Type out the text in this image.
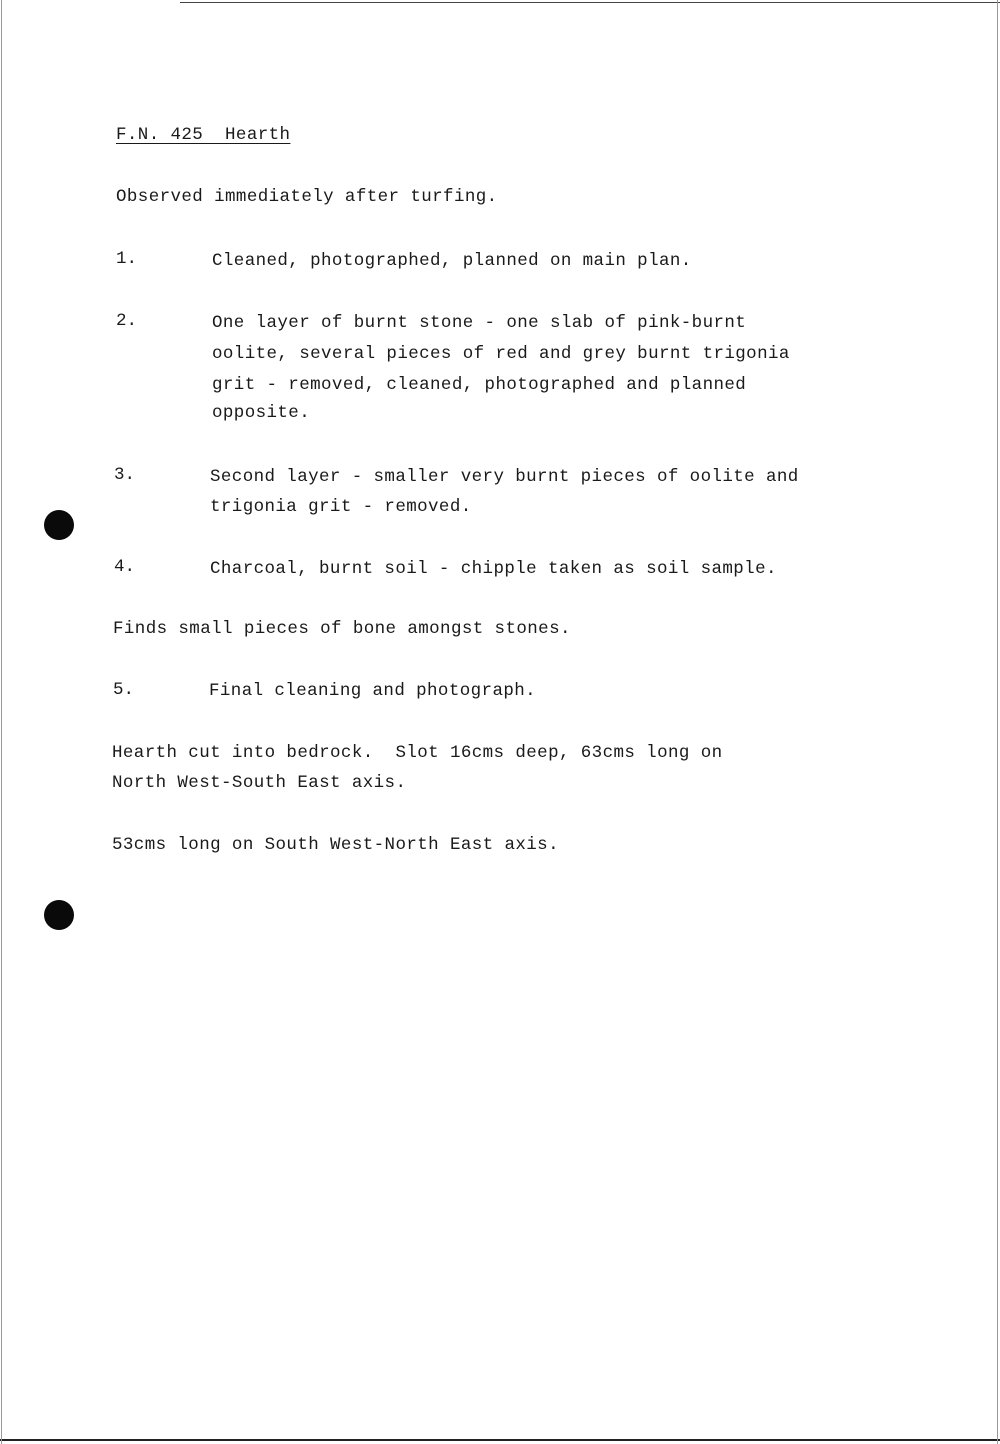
F.N. 425  Hearth
Observed immediately after turfing.
1.	Cleaned, photographed, planned on main plan.
2.	One layer of burnt stone - one slab of pink-burnt
oolite, several pieces of red and grey burnt trigonia
grit - removed, cleaned, photographed and planned
opposite.
3.	Second layer - smaller very burnt pieces of oolite and
trigonia grit - removed.
4.	Charcoal, burnt soil - chipple taken as soil sample.
Finds small pieces of bone amongst stones.
5.	Final cleaning and photograph.
Hearth cut into bedrock.  Slot 16cms deep, 63cms long on
North West-South East axis.
53cms long on South West-North East axis.
